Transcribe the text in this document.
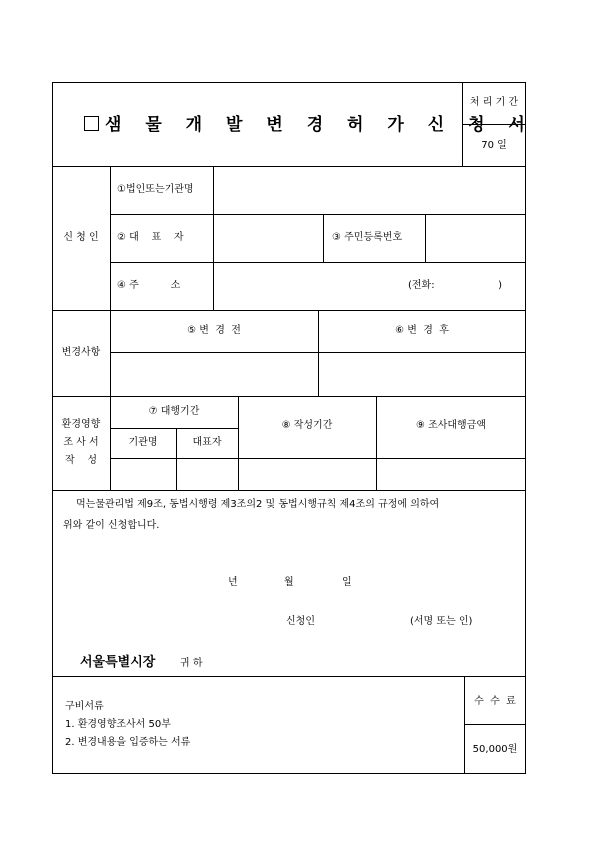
샘 물 개 발 변 경 허 가 신 청 서
처 리 기 간
70 일
신 청 인
①법인또는기관명
② 대    표    자	③ 주민등록번호
④ 주          소	(전화:                    )
변경사항
⑤ 변  경  전	⑥ 변  경  후
환경영향
조 사 서
작    성
⑦ 대행기간
기관명	대표자
⑧ 작성기간	⑨ 조사대행금액
먹는물관리법 제9조, 동법시행령 제3조의2 및 동법시행규칙 제4조의 규정에 의하여
위와 같이 신청합니다.
년	월	일
신청인	(서명 또는 인)
서울특별시장 귀 하
구비서류
1. 환경영향조사서 50부
2. 변경내용을 입증하는 서류
수  수  료
50,000원
